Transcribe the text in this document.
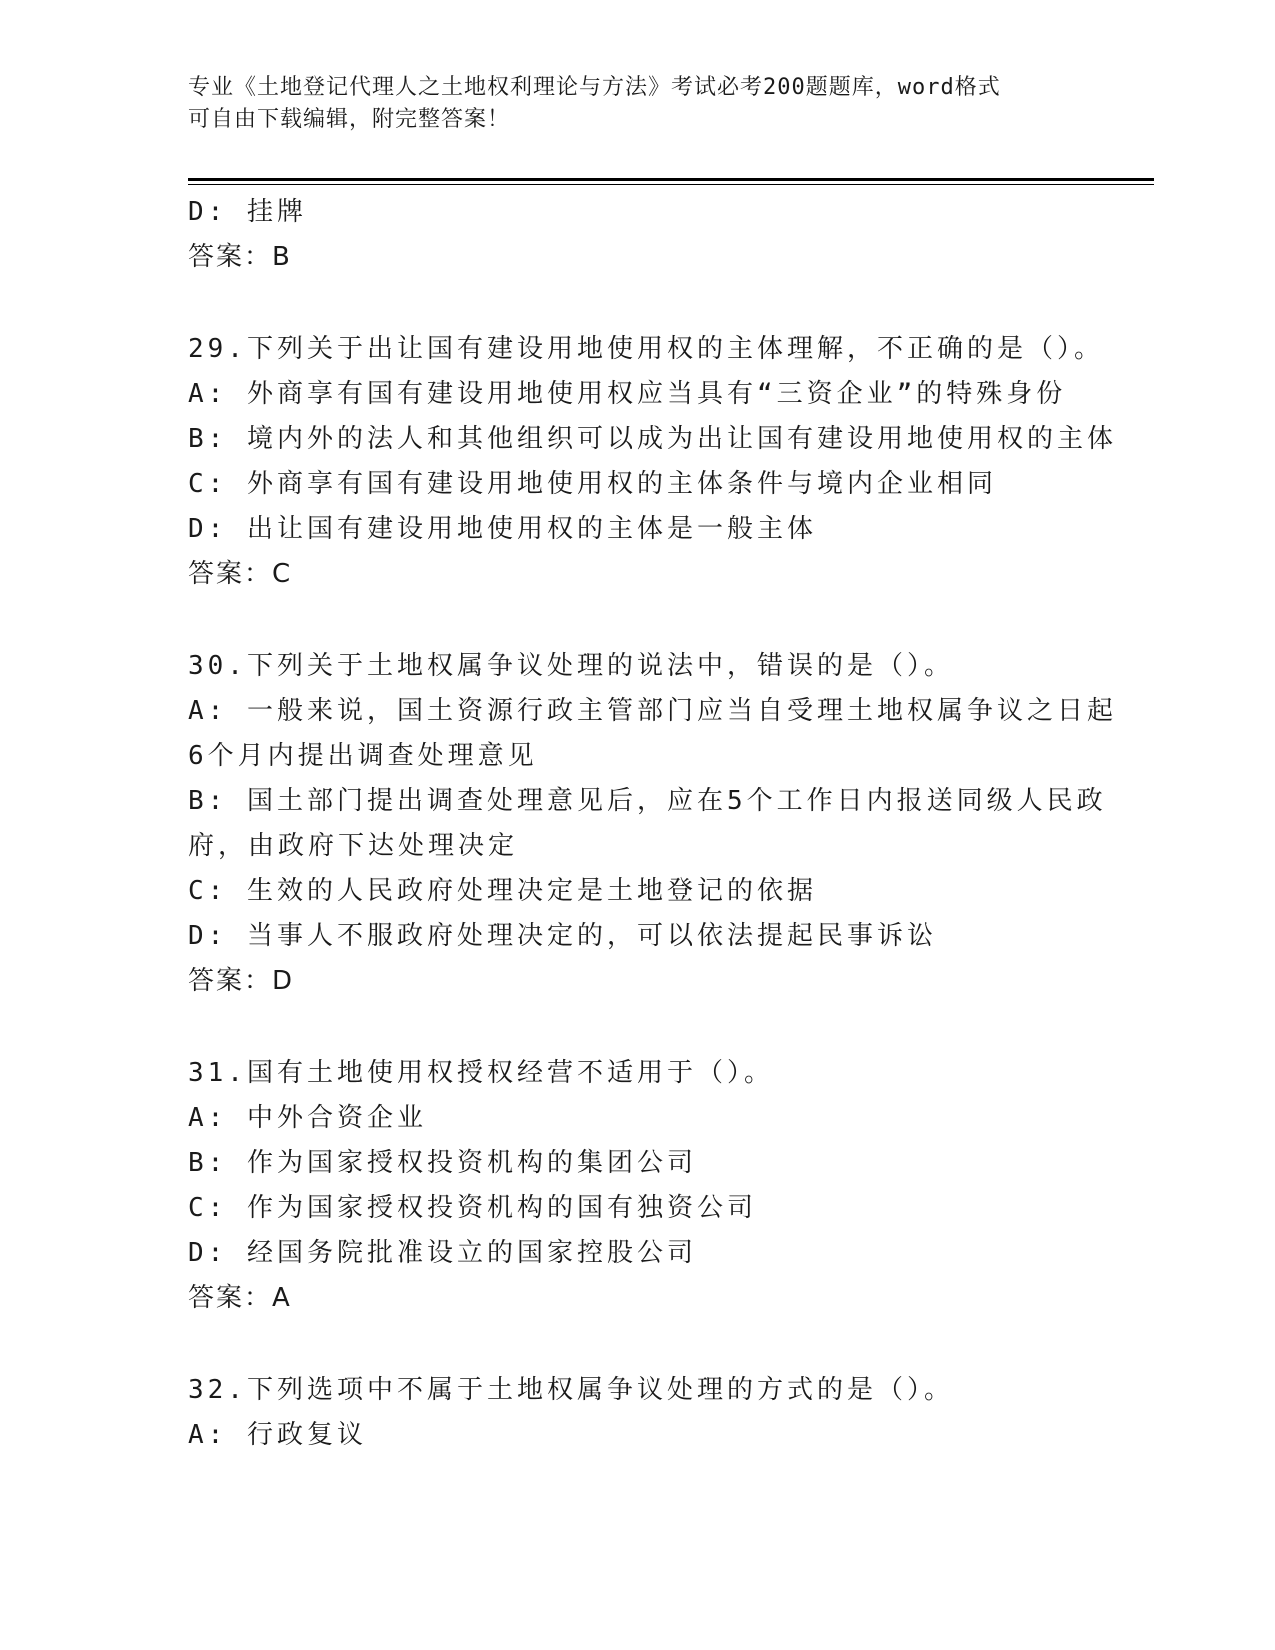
专业《土地登记代理人之土地权利理论与方法》考试必考200题题库，word格式
可自由下载编辑，附完整答案！
D: 挂牌
答案：B
29.下列关于出让国有建设用地使用权的主体理解，不正确的是（）。
A: 外商享有国有建设用地使用权应当具有“三资企业”的特殊身份
B: 境内外的法人和其他组织可以成为出让国有建设用地使用权的主体
C: 外商享有国有建设用地使用权的主体条件与境内企业相同
D: 出让国有建设用地使用权的主体是一般主体
答案：C
30.下列关于土地权属争议处理的说法中，错误的是（）。
A: 一般来说，国土资源行政主管部门应当自受理土地权属争议之日起
6个月内提出调查处理意见
B: 国土部门提出调查处理意见后，应在5个工作日内报送同级人民政
府，由政府下达处理决定
C: 生效的人民政府处理决定是土地登记的依据
D: 当事人不服政府处理决定的，可以依法提起民事诉讼
答案：D
31.国有土地使用权授权经营不适用于（）。
A: 中外合资企业
B: 作为国家授权投资机构的集团公司
C: 作为国家授权投资机构的国有独资公司
D: 经国务院批准设立的国家控股公司
答案：A
32.下列选项中不属于土地权属争议处理的方式的是（）。
A: 行政复议
